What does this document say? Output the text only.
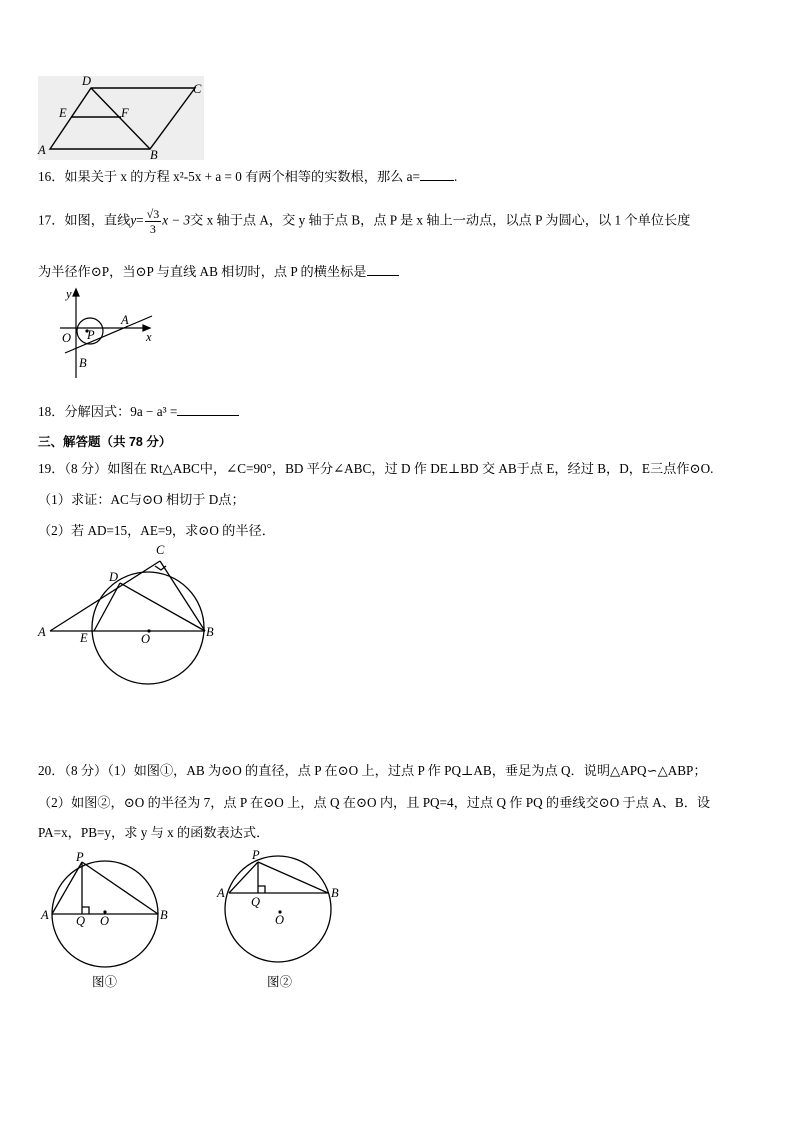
D
C
E	F
A	B
16．如果关于 x 的方程 x²-5x + a = 0 有两个相等的实数根，那么 a=	.
17．如图，直线$y= \frac{√3}{3}$ x − 3交 x 轴于点 A，交 y 轴于点 B，点 P 是 x 轴上一动点，以点 P 为圆心，以 1 个单位长度
为半径作⊙P，当⊙P 与直线 AB 相切时，点 P 的横坐标是
y
x
O P
A
B
18．分解因式：9a − a³ =
三、解答题（共 78 分）
19．（8 分）如图在 Rt△ABC中，∠C=90°，BD 平分∠ABC，过 D 作 DE⊥BD 交 AB于点 E，经过 B，D，E三点作⊙O.
（1）求证：AC与⊙O 相切于 D点；
（2）若 AD=15，AE=9，求⊙O 的半径．
C
D
A	B
E	O
20．（8 分）（1）如图①，AB 为⊙O 的直径，点 P 在⊙O 上，过点 P 作 PQ⊥AB，垂足为点 Q．说明△APQ∽△ABP；
（2）如图②，⊙O 的半径为 7，点 P 在⊙O 上，点 Q 在⊙O 内，且 PQ=4，过点 Q 作 PQ 的垂线交⊙O 于点 A、B．设
PA=x，PB=y，求 y 与 x 的函数表达式．
P
A	B
Q O
图①
P
A	B
Q
O
图②
